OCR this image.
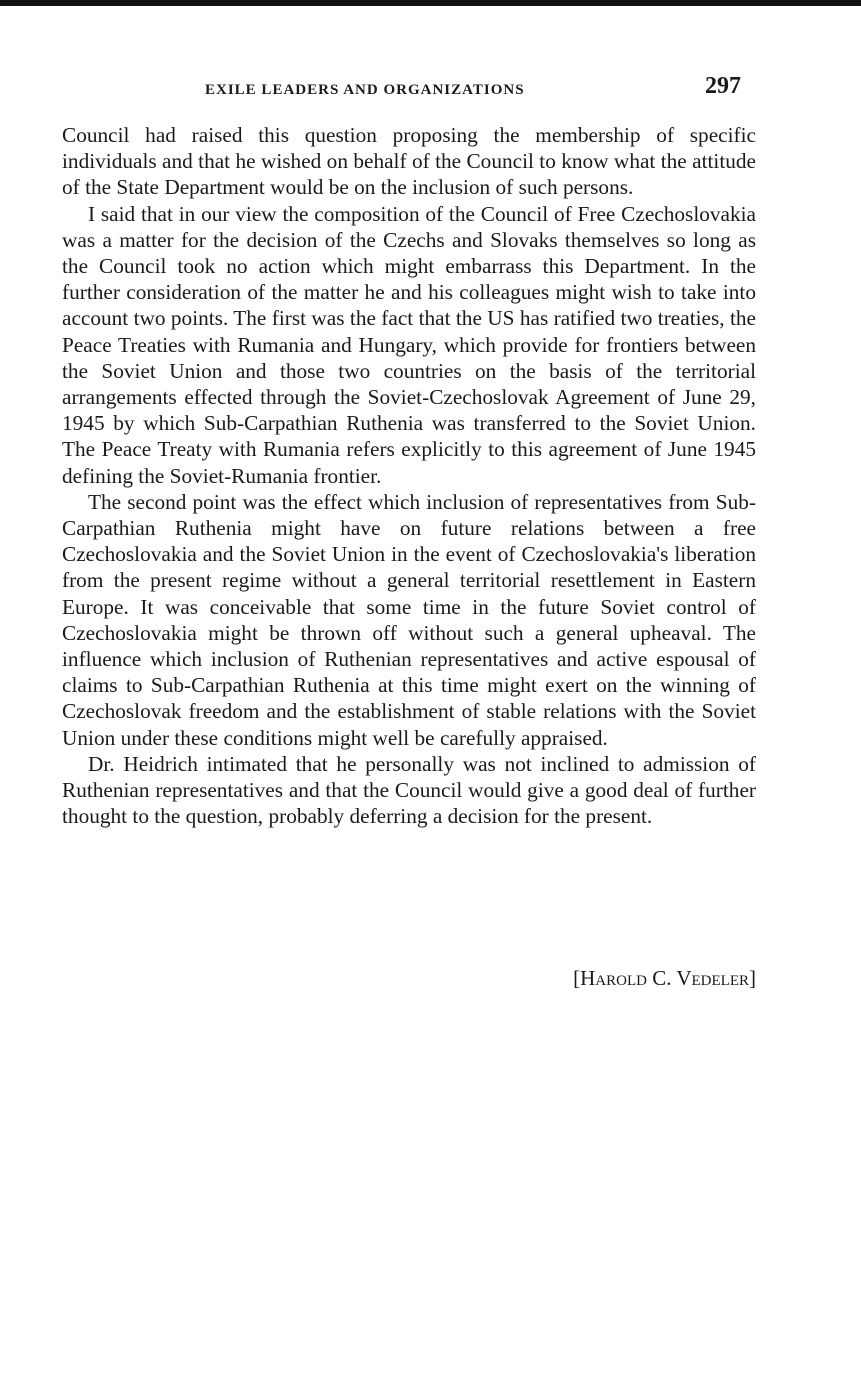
EXILE LEADERS AND ORGANIZATIONS	297

Council had raised this question proposing the membership of specific individuals and that he wished on behalf of the Council to know what the attitude of the State Department would be on the inclusion of such persons.

I said that in our view the composition of the Council of Free Czechoslovakia was a matter for the decision of the Czechs and Slovaks themselves so long as the Council took no action which might embarrass this Department. In the further consideration of the matter he and his colleagues might wish to take into account two points. The first was the fact that the US has ratified two treaties, the Peace Treaties with Rumania and Hungary, which provide for frontiers between the Soviet Union and those two countries on the basis of the territorial arrangements effected through the Soviet-Czechoslovak Agreement of June 29, 1945 by which Sub-Carpathian Ruthenia was transferred to the Soviet Union. The Peace Treaty with Rumania refers explicitly to this agreement of June 1945 defining the Soviet-Rumania frontier.

The second point was the effect which inclusion of representatives from Sub-Carpathian Ruthenia might have on future relations between a free Czechoslovakia and the Soviet Union in the event of Czechoslovakia's liberation from the present regime without a general territorial resettlement in Eastern Europe. It was conceivable that some time in the future Soviet control of Czechoslovakia might be thrown off without such a general upheaval. The influence which inclusion of Ruthenian representatives and active espousal of claims to Sub-Carpathian Ruthenia at this time might exert on the winning of Czechoslovak freedom and the establishment of stable relations with the Soviet Union under these conditions might well be carefully appraised.

Dr. Heidrich intimated that he personally was not inclined to admission of Ruthenian representatives and that the Council would give a good deal of further thought to the question, probably deferring a decision for the present.

[Harold C. Vedeler]
